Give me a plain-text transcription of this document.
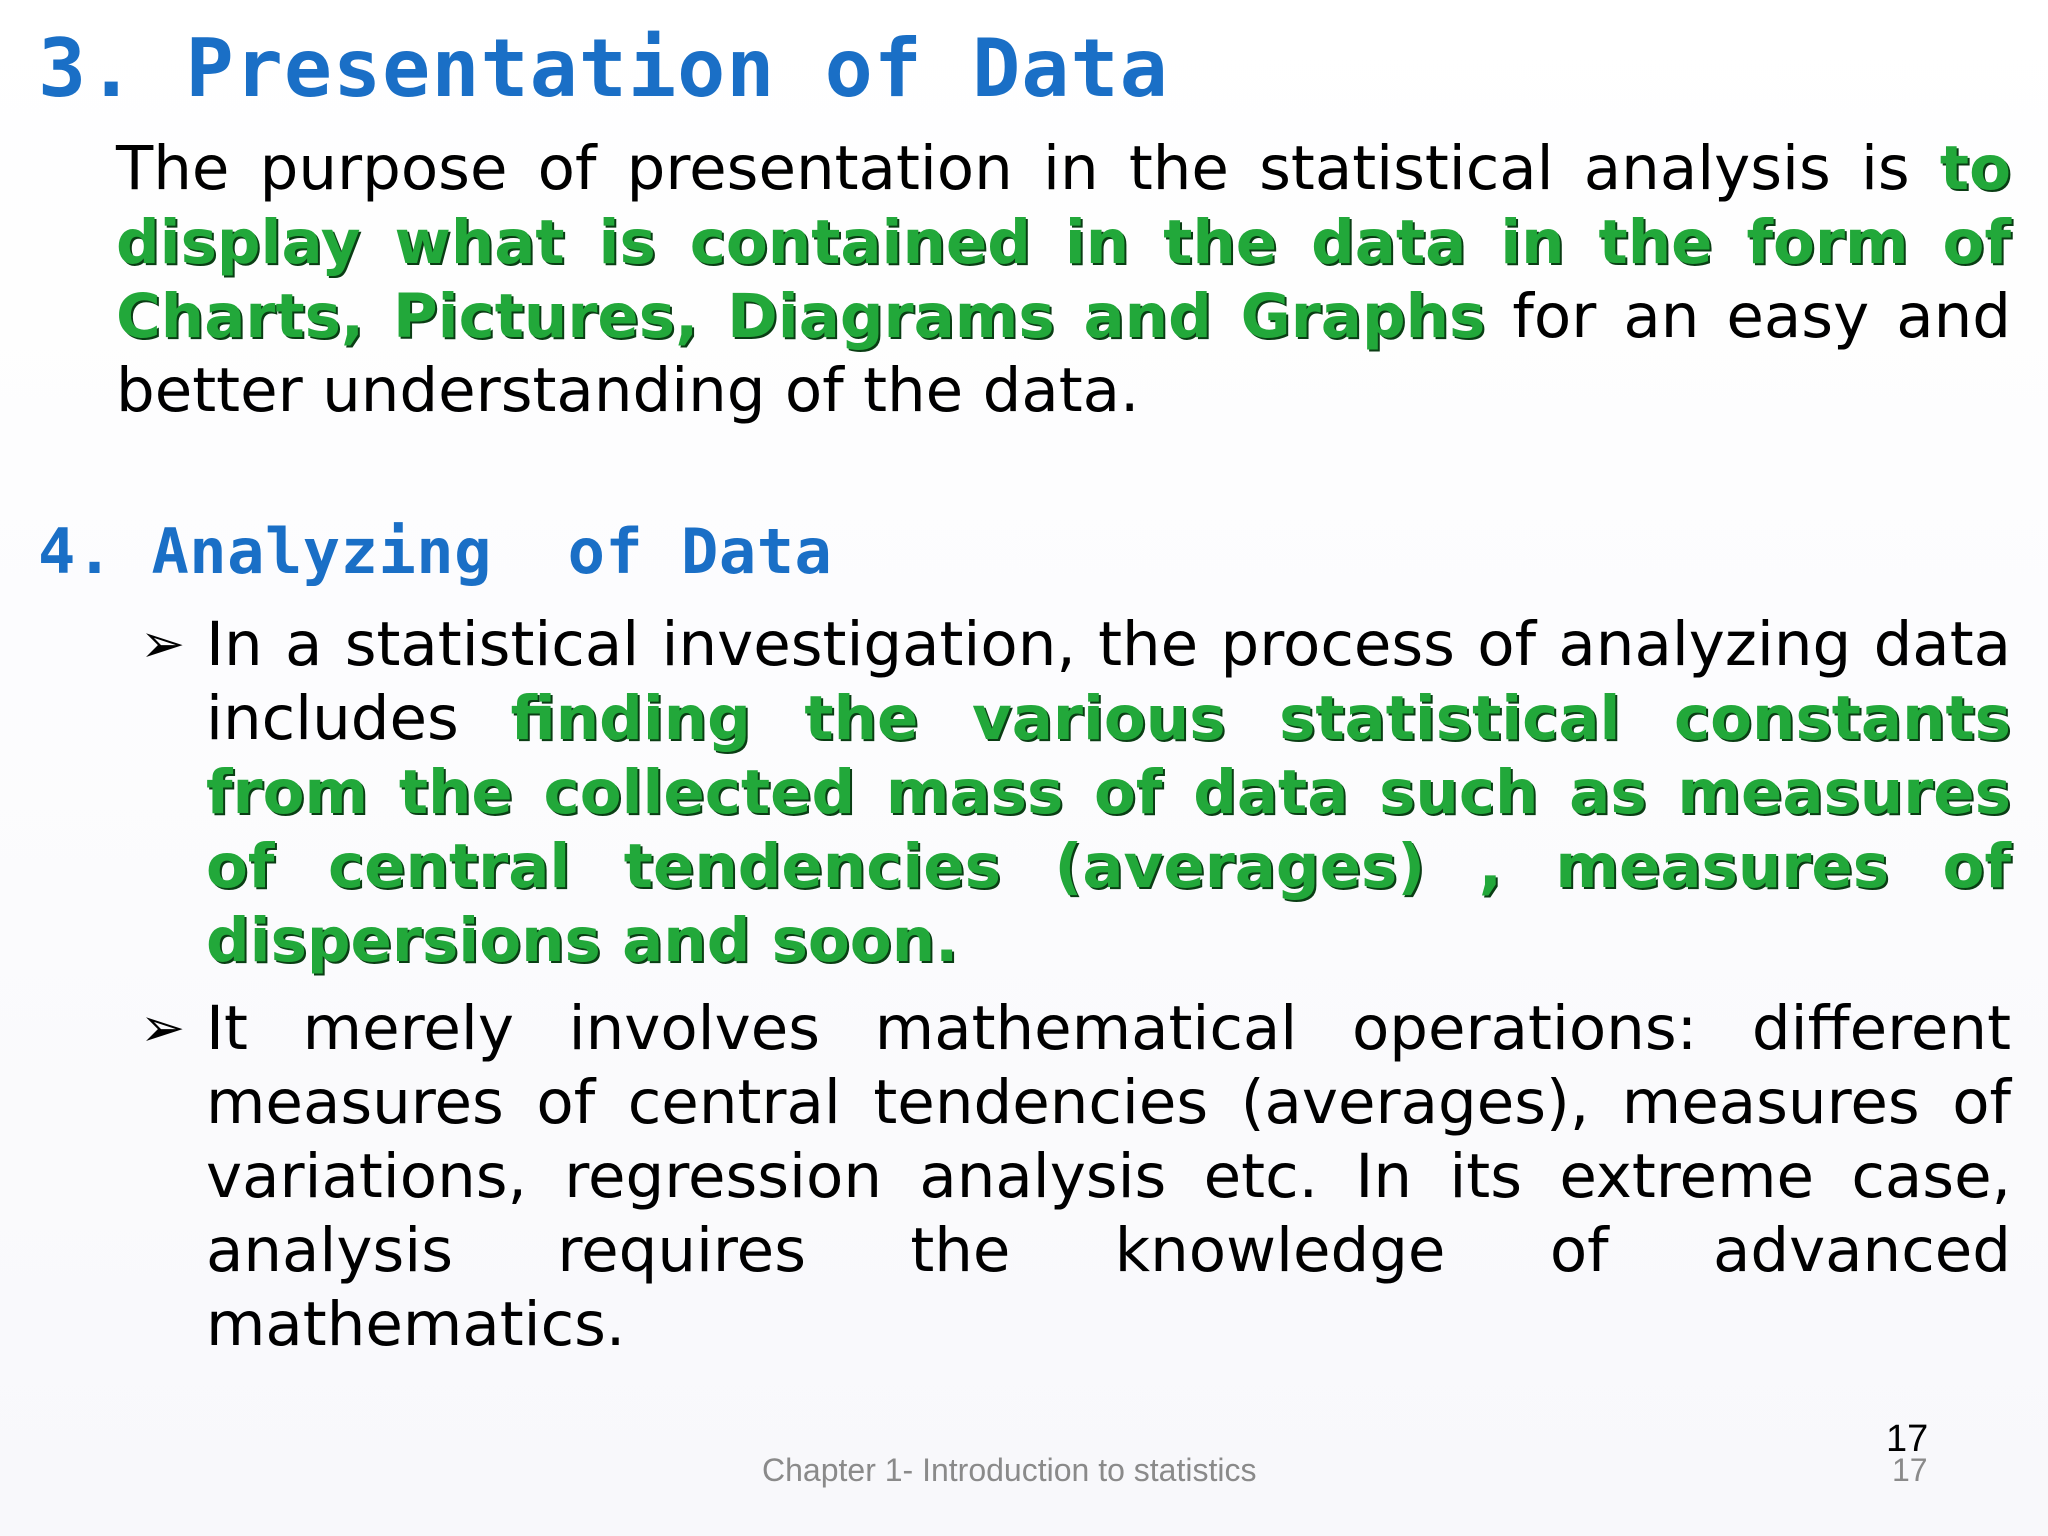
3. Presentation of Data

The purpose of presentation in the statistical analysis is to display what is contained in the data in the form of Charts, Pictures, Diagrams and Graphs for an easy and better understanding of the data.

4. Analyzing  of Data
➢ In a statistical investigation, the process of analyzing data includes finding the various statistical constants from the collected mass of data such as measures of central tendencies (averages) , measures of dispersions and soon.

➢ It merely involves mathematical operations: different measures of central tendencies (averages), measures of variations, regression analysis etc. In its extreme case, analysis requires the knowledge of advanced mathematics.

17
Chapter 1- Introduction to statistics	17
